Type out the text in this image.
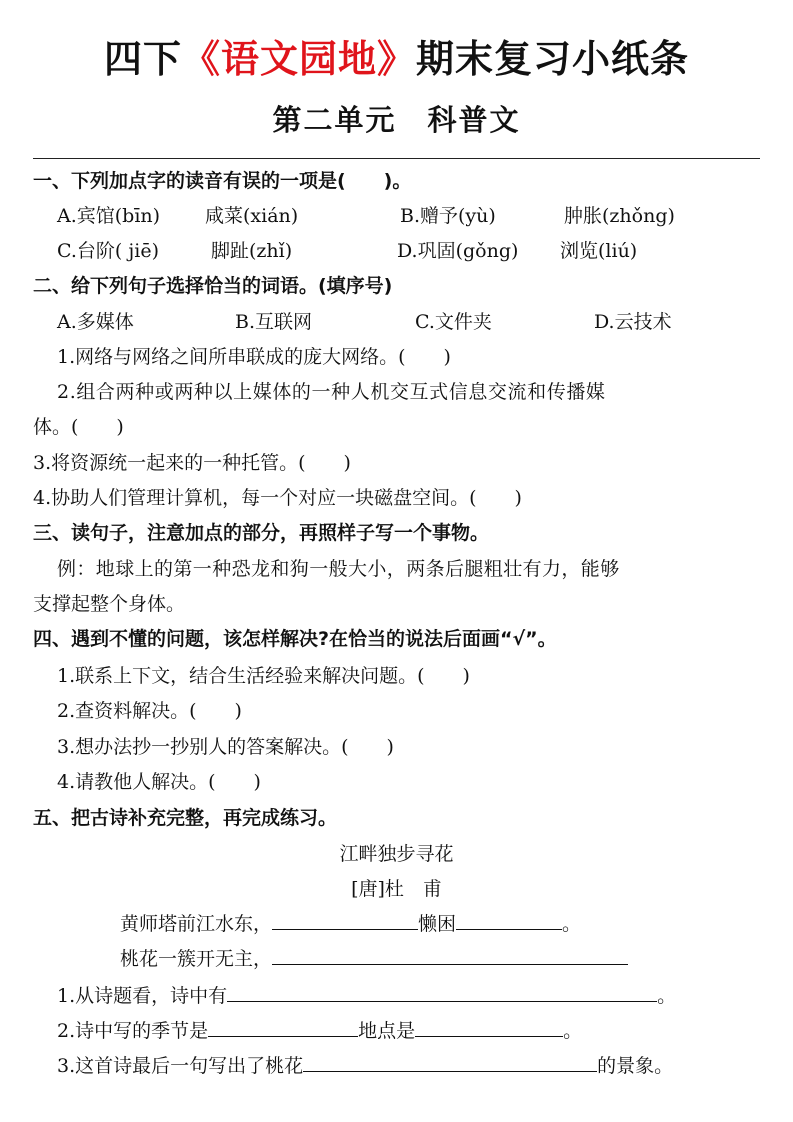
四下《语文园地》期末复习小纸条
第二单元　科普文
一、下列加点字的读音有误的一项是(　　)。
A.宾馆(bīn) 咸菜(xián)	B.赠予(yù)	肿胀(zhǒng)
C.台阶( jiē)	脚趾(zhǐ)	D.巩固(gǒng) 浏览(liú)
二、给下列句子选择恰当的词语。(填序号)
A.多媒体	B.互联网	C.文件夹	D.云技术
1.网络与网络之间所串联成的庞大网络。(　　)
2.组合两种或两种以上媒体的一种人机交互式信息交流和传播媒
体。(　　)
3.将资源统一起来的一种托管。(　　)
4.协助人们管理计算机，每一个对应一块磁盘空间。(　　)
三、读句子，注意加点的部分，再照样子写一个事物。
例：地球上的第一种恐龙和狗一般大小，两条后腿粗壮有力，能够
支撑起整个身体。
四、遇到不懂的问题，该怎样解决?在恰当的说法后面画“√”。
1.联系上下文，结合生活经验来解决问题。(　　)
2.查资料解决。(　　)
3.想办法抄一抄别人的答案解决。(　　)
4.请教他人解决。(　　)
五、把古诗补充完整，再完成练习。
江畔独步寻花
[唐]杜　甫
黄师塔前江水东，	懒困	。
桃花一簇开无主，
1.从诗题看，诗中有	。
2.诗中写的季节是	地点是	。
3.这首诗最后一句写出了桃花	的景象。
